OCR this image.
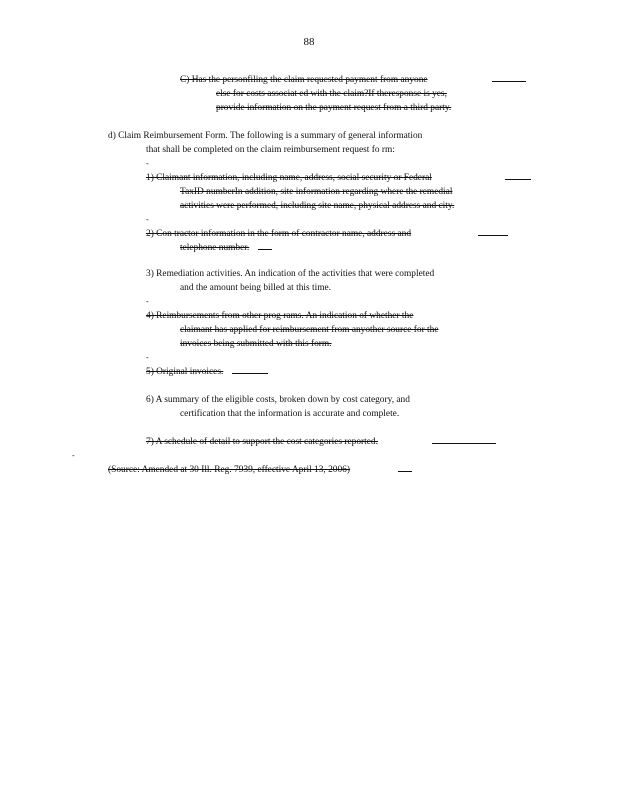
88
C) Has the personfiling the claim requested payment from anyone
else for costs associat ed with the claim?If theresponse is yes,
provide information on the payment request from a third party.
d) Claim Reimbursement Form. The following is a summary of general information
that shall be completed on the claim reimbursement request fo rm:
-
1) Claimant information, including name, address, social security or Federal
TaxID numberIn addition, site information regarding where the remedial
activities were performed, including site name, physical address and city.
-
2) Con tractor information in the form of contractor name, address and
telephone number.
3) Remediation activities. An indication of the activities that were completed
and the amount being billed at this time.
-
4) Reimbursements from other prog rams. An indication of whether the
claimant has applied for reimbursement from anyother source for the
invoices being submitted with this form.
-
5) Original invoices.
6) A summary of the eligible costs, broken down by cost category, and
certification that the information is accurate and complete.
7) A schedule of detail to support the cost categories reported.
-
(Source: Amended at 30 Ill. Reg. 7939, effective April 13, 2006)
